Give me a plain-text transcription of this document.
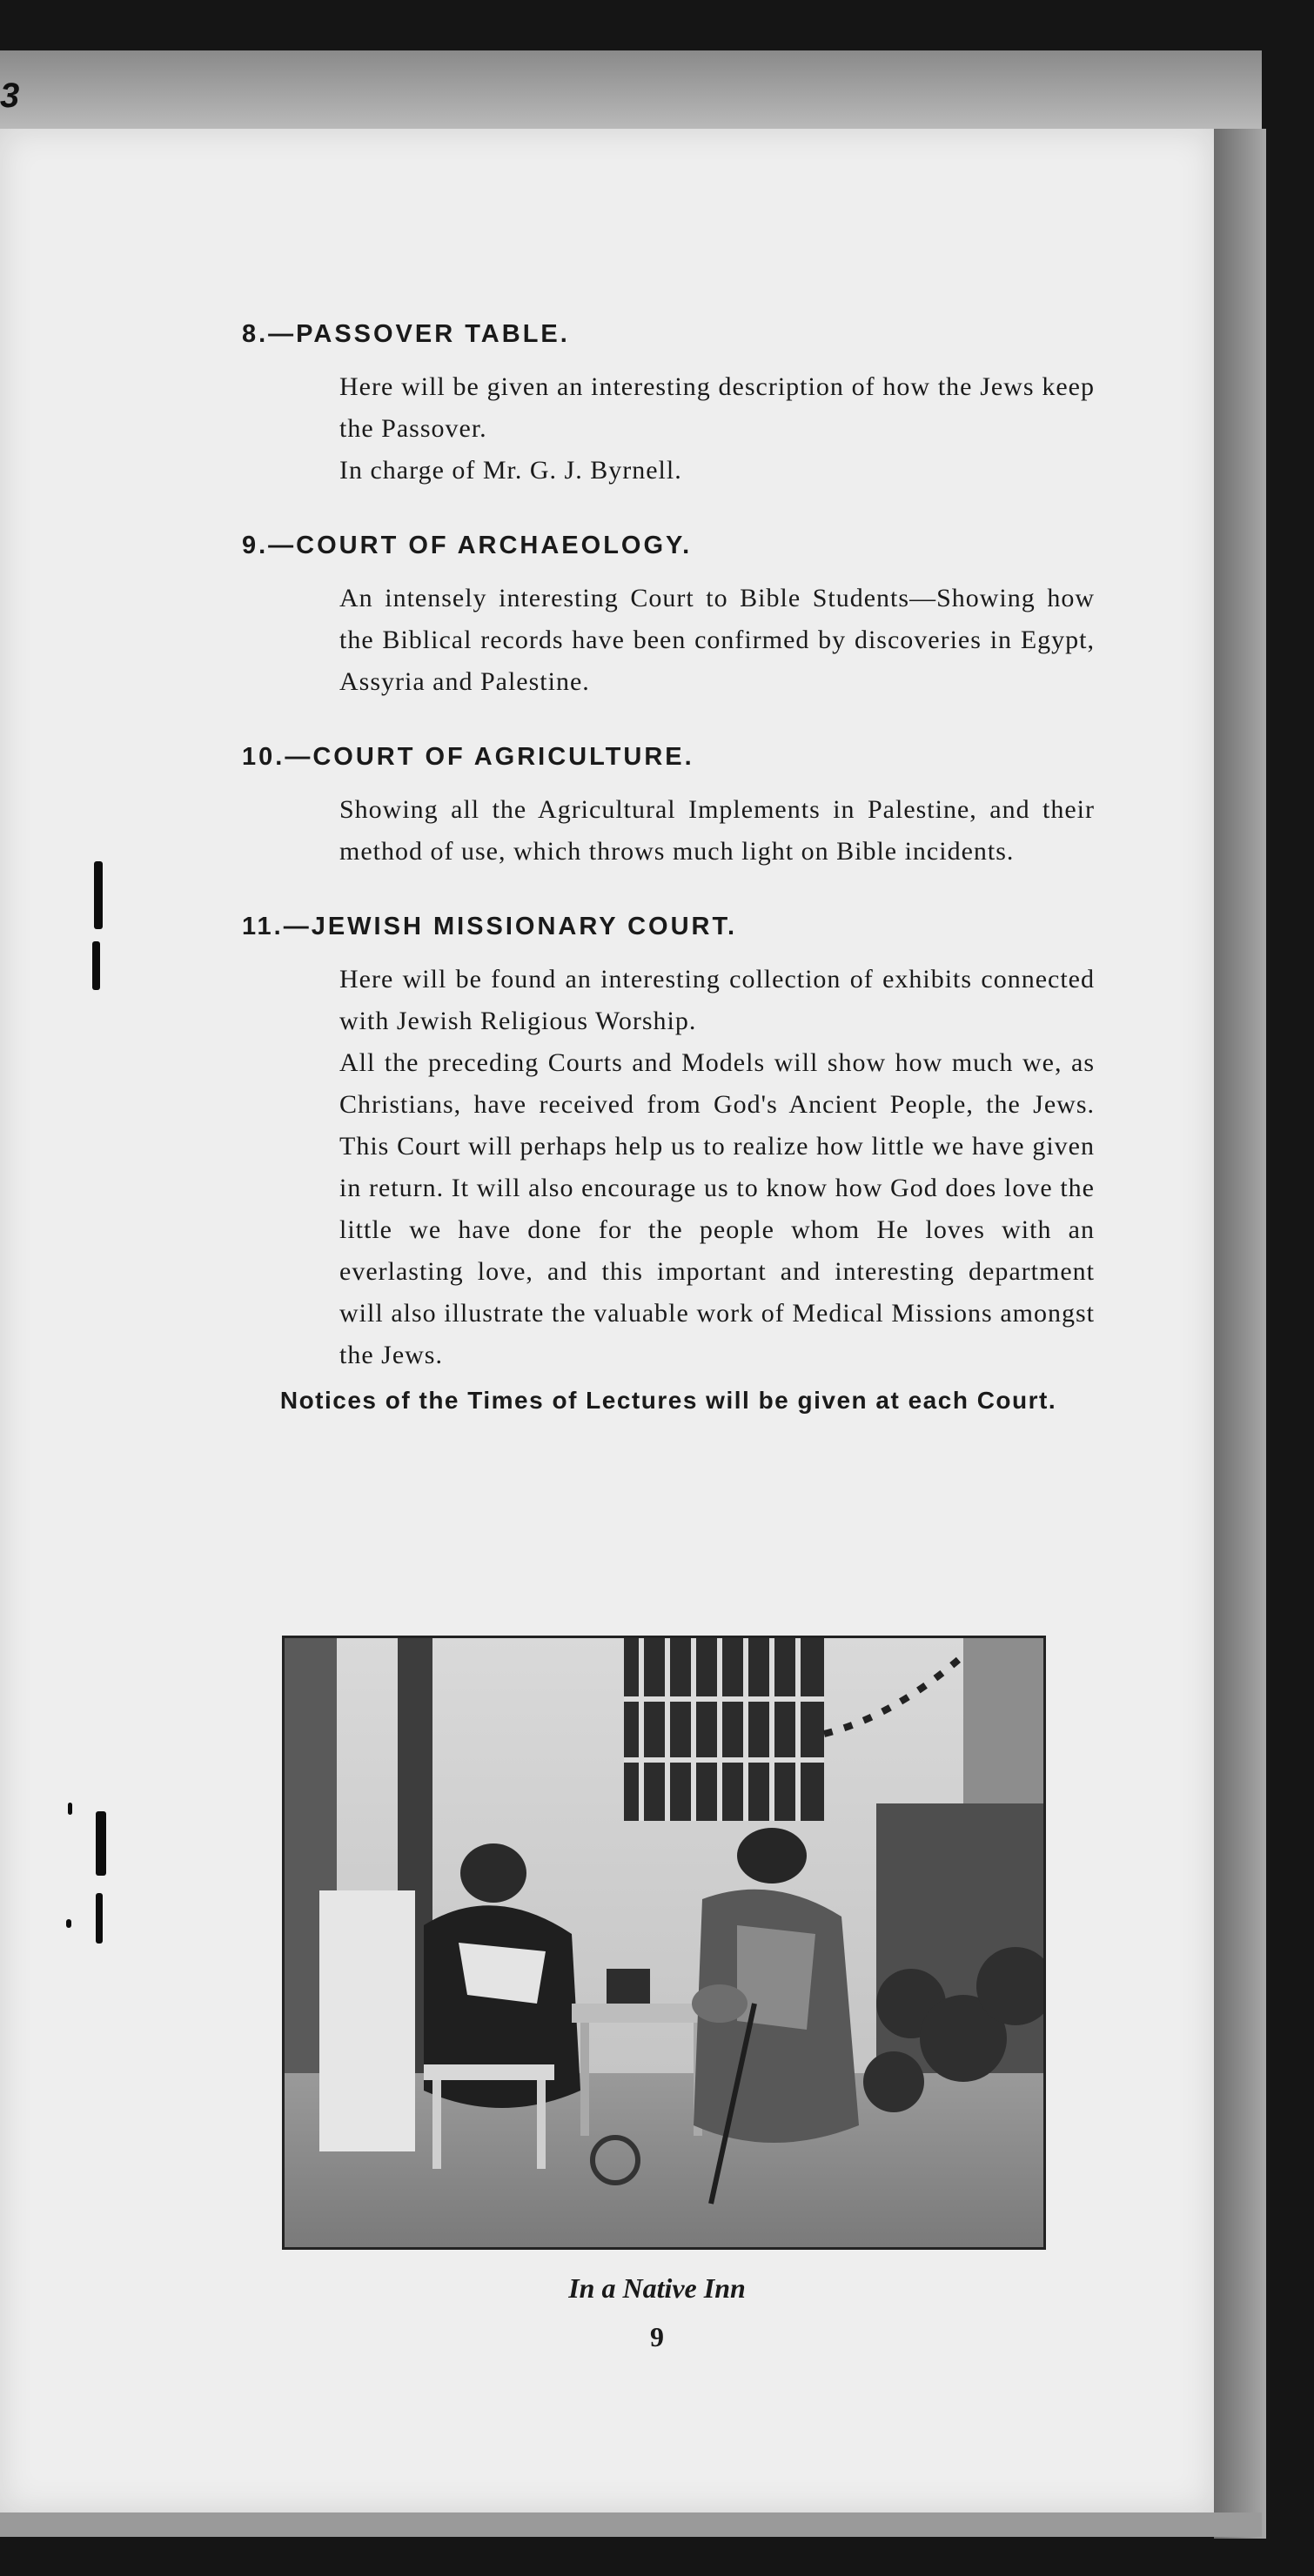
3
8.—PASSOVER TABLE.

Here will be given an interesting description of how the Jews keep the Passover.

In charge of Mr. G. J. Byrnell.

9.—COURT OF ARCHAEOLOGY.

An intensely interesting Court to Bible Students—Showing how the Biblical records have been confirmed by discoveries in Egypt, Assyria and Palestine.

10.—COURT OF AGRICULTURE.

Showing all the Agricultural Implements in Palestine, and their method of use, which throws much light on Bible incidents.

11.—JEWISH MISSIONARY COURT.

Here will be found an interesting collection of exhibits connected with Jewish Religious Worship.

All the preceding Courts and Models will show how much we, as Christians, have received from God's Ancient People, the Jews. This Court will perhaps help us to realize how little we have given in return. It will also encourage us to know how God does love the little we have done for the people whom He loves with an everlasting love, and this important and interesting department will also illustrate the valuable work of Medical Missions amongst the Jews.

Notices of the Times of Lectures will be given at each Court.
In a Native Inn
9
